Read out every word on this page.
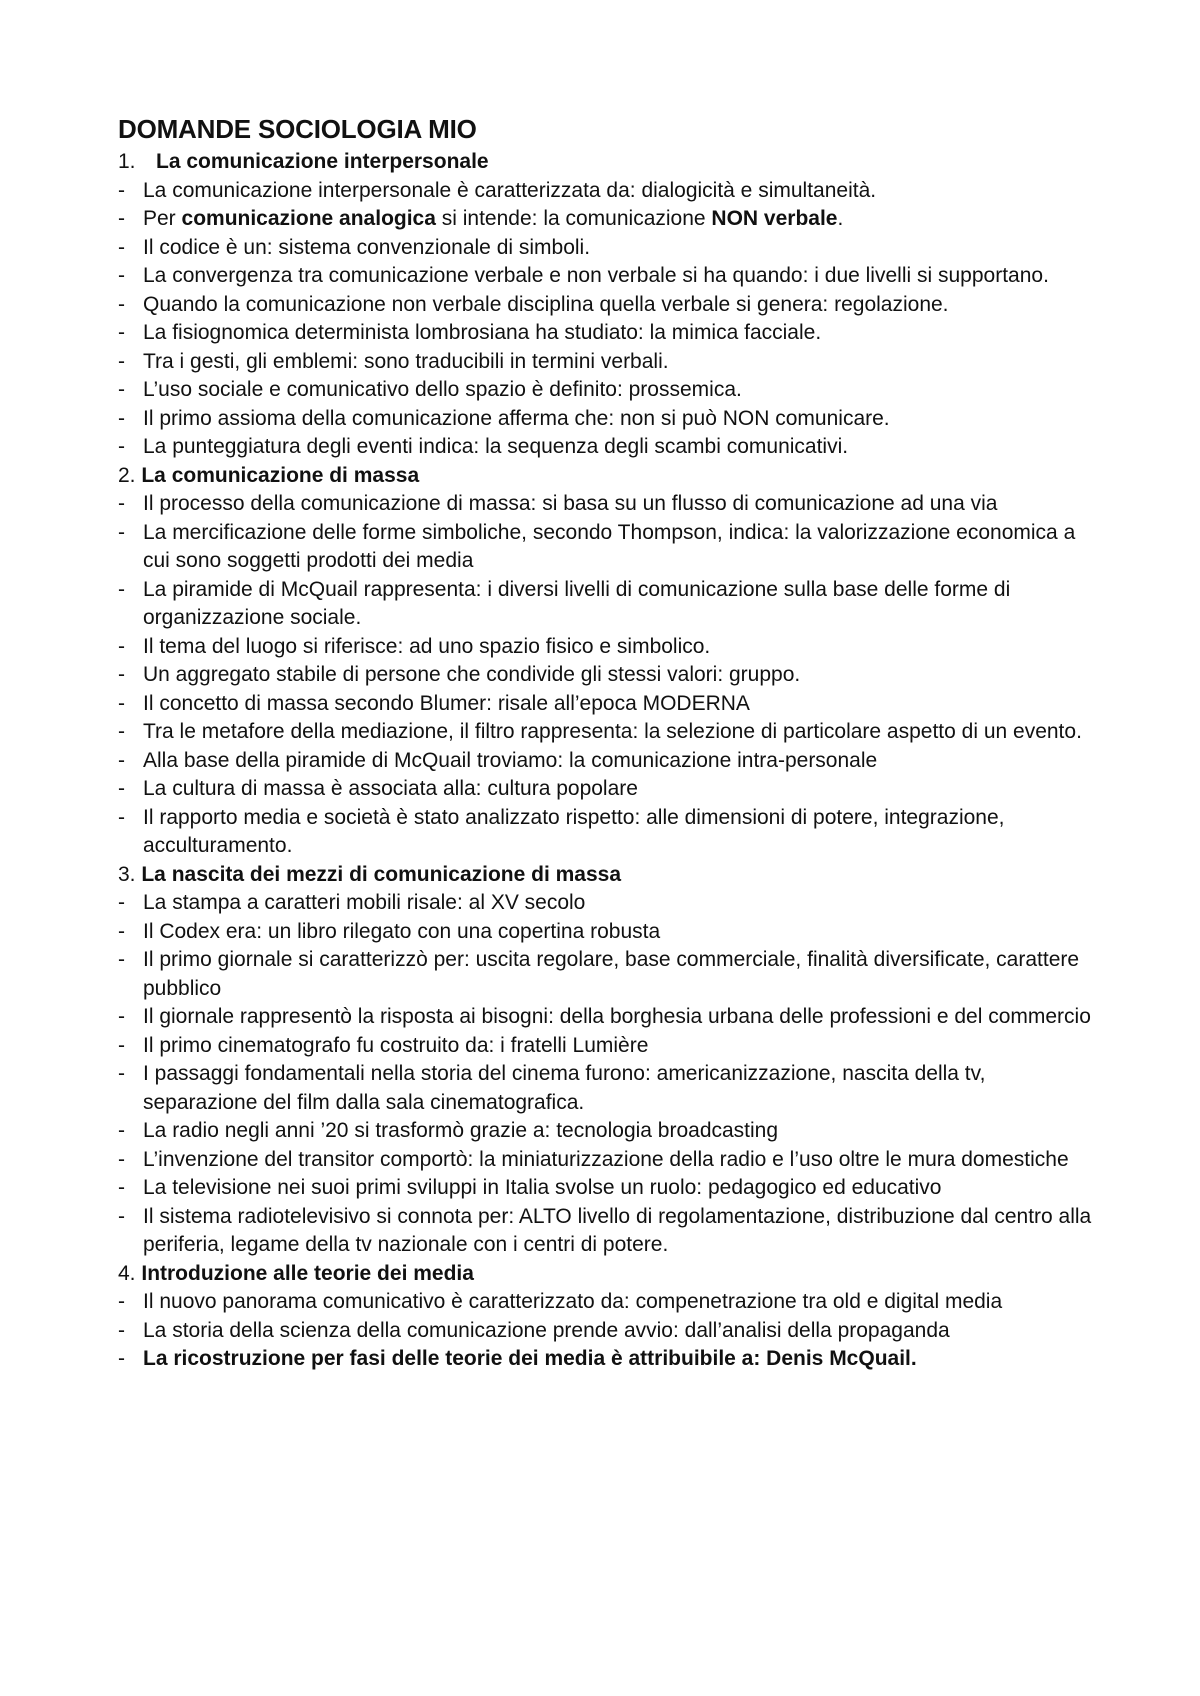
DOMANDE SOCIOLOGIA MIO
1. La comunicazione interpersonale
- La comunicazione interpersonale è caratterizzata da: dialogicità e simultaneità.
- Per comunicazione analogica si intende: la comunicazione NON verbale.
- Il codice è un: sistema convenzionale di simboli.
- La convergenza tra comunicazione verbale e non verbale si ha quando: i due livelli si supportano.
- Quando la comunicazione non verbale disciplina quella verbale si genera: regolazione.
- La fisiognomica determinista lombrosiana ha studiato: la mimica facciale.
- Tra i gesti, gli emblemi: sono traducibili in termini verbali.
- L’uso sociale e comunicativo dello spazio è definito: prossemica.
- Il primo assioma della comunicazione afferma che: non si può NON comunicare.
- La punteggiatura degli eventi indica: la sequenza degli scambi comunicativi.
2. La comunicazione di massa
- Il processo della comunicazione di massa: si basa su un flusso di comunicazione ad una via
- La mercificazione delle forme simboliche, secondo Thompson, indica: la valorizzazione economica a cui sono soggetti prodotti dei media
- La piramide di McQuail rappresenta: i diversi livelli di comunicazione sulla base delle forme di organizzazione sociale.
- Il tema del luogo si riferisce: ad uno spazio fisico e simbolico.
- Un aggregato stabile di persone che condivide gli stessi valori: gruppo.
- Il concetto di massa secondo Blumer: risale all’epoca MODERNA
- Tra le metafore della mediazione, il filtro rappresenta: la selezione di particolare aspetto di un evento.
- Alla base della piramide di McQuail troviamo: la comunicazione intra-personale
- La cultura di massa è associata alla: cultura popolare
- Il rapporto media e società è stato analizzato rispetto: alle dimensioni di potere, integrazione, acculturamento.
3. La nascita dei mezzi di comunicazione di massa
- La stampa a caratteri mobili risale: al XV secolo
- Il Codex era: un libro rilegato con una copertina robusta
- Il primo giornale si caratterizzò per: uscita regolare, base commerciale, finalità diversificate, carattere pubblico
- Il giornale rappresentò la risposta ai bisogni: della borghesia urbana delle professioni e del commercio
- Il primo cinematografo fu costruito da: i fratelli Lumière
- I passaggi fondamentali nella storia del cinema furono: americanizzazione, nascita della tv, separazione del film dalla sala cinematografica.
- La radio negli anni ’20 si trasformò grazie a: tecnologia broadcasting
- L’invenzione del transitor comportò: la miniaturizzazione della radio e l’uso oltre le mura domestiche
- La televisione nei suoi primi sviluppi in Italia svolse un ruolo: pedagogico ed educativo
- Il sistema radiotelevisivo si connota per: ALTO livello di regolamentazione, distribuzione dal centro alla periferia, legame della tv nazionale con i centri di potere.
4. Introduzione alle teorie dei media
- Il nuovo panorama comunicativo è caratterizzato da: compenetrazione tra old e digital media
- La storia della scienza della comunicazione prende avvio: dall’analisi della propaganda
- La ricostruzione per fasi delle teorie dei media è attribuibile a: Denis McQuail.
